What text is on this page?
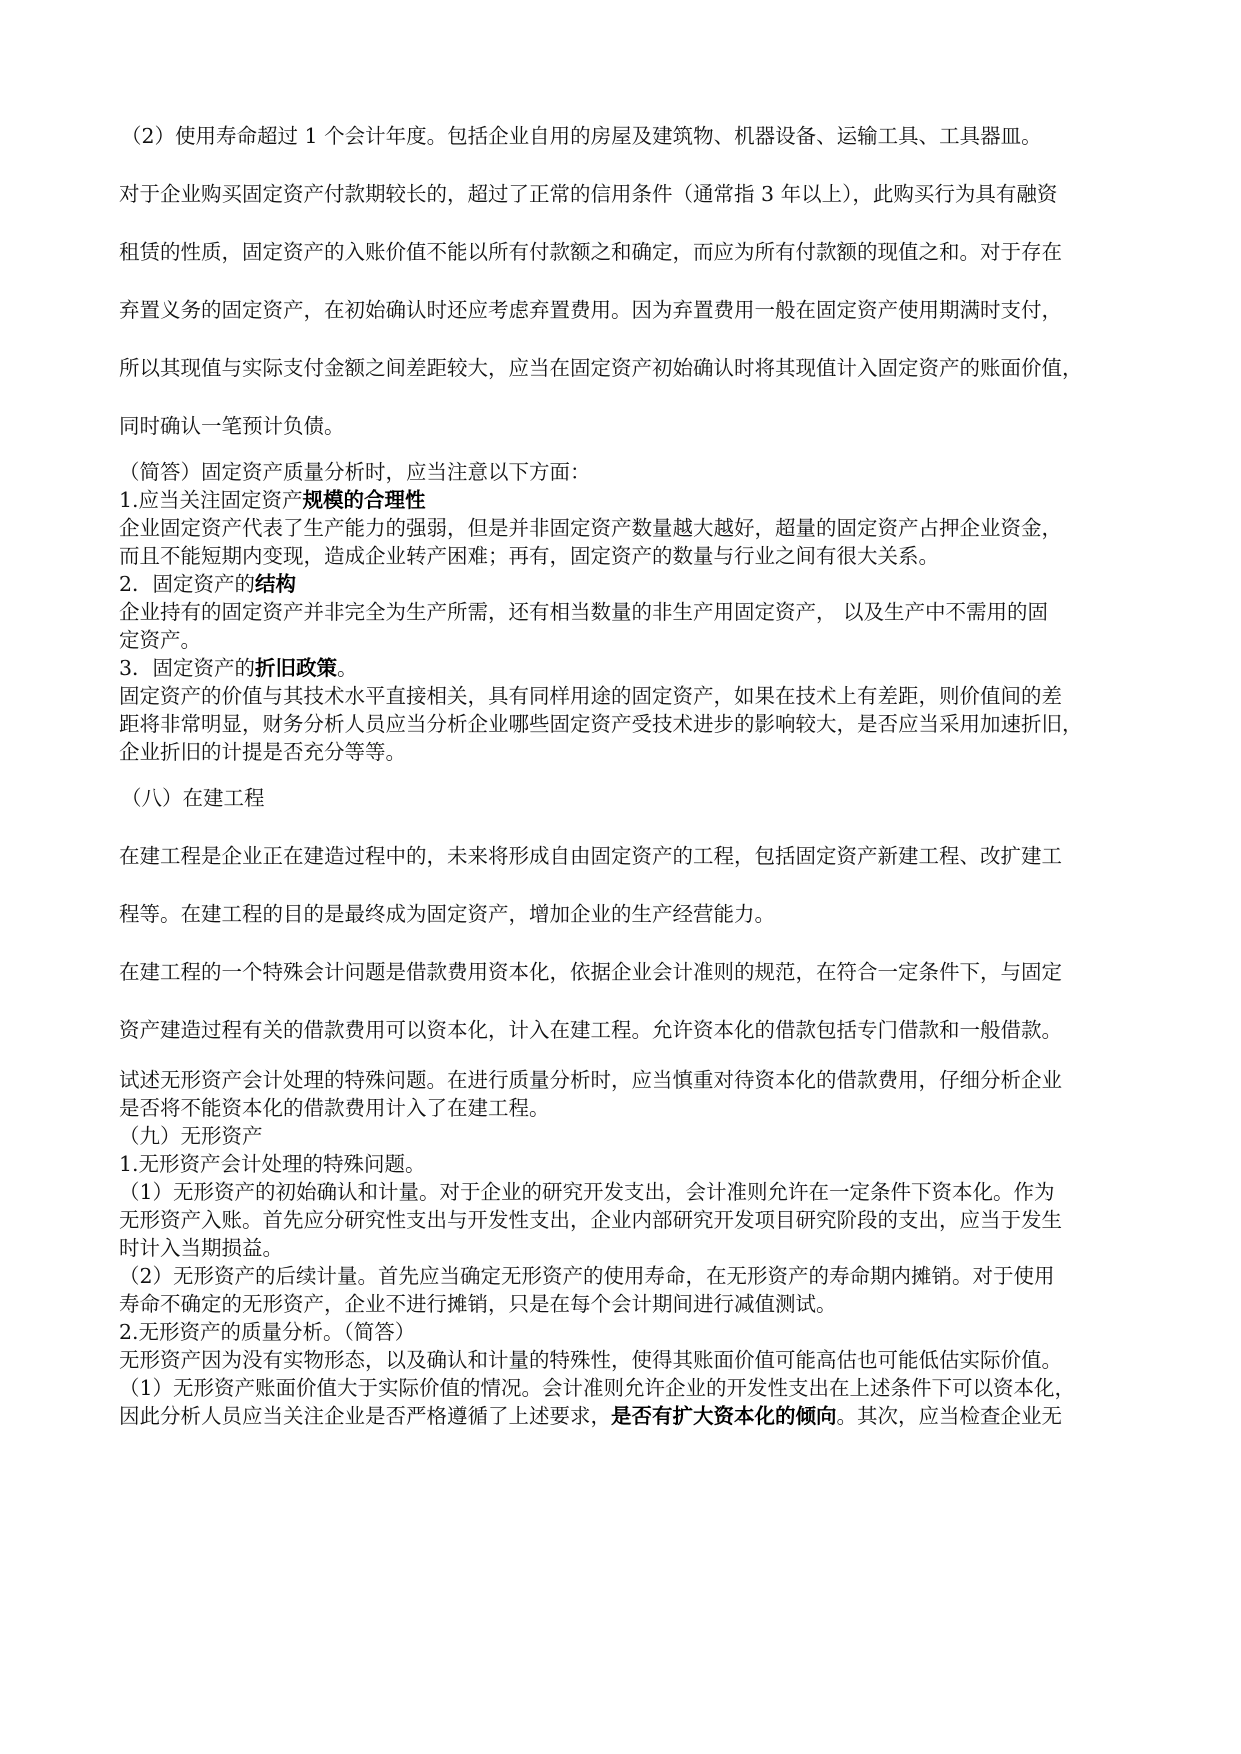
（2）使用寿命超过 1 个会计年度。包括企业自用的房屋及建筑物、机器设备、运输工具、工具器皿。
对于企业购买固定资产付款期较长的，超过了正常的信用条件（通常指 3 年以上），此购买行为具有融资
租赁的性质，固定资产的入账价值不能以所有付款额之和确定，而应为所有付款额的现值之和。对于存在
弃置义务的固定资产，在初始确认时还应考虑弃置费用。因为弃置费用一般在固定资产使用期满时支付，
所以其现值与实际支付金额之间差距较大，应当在固定资产初始确认时将其现值计入固定资产的账面价值，
同时确认一笔预计负债。
（简答）固定资产质量分析时，应当注意以下方面：
1.应当关注固定资产规模的合理性
企业固定资产代表了生产能力的强弱，但是并非固定资产数量越大越好，超量的固定资产占押企业资金，
而且不能短期内变现，造成企业转产困难；再有，固定资产的数量与行业之间有很大关系。
2．固定资产的结构
企业持有的固定资产并非完全为生产所需，还有相当数量的非生产用固定资产， 以及生产中不需用的固
定资产。
3．固定资产的折旧政策。
固定资产的价值与其技术水平直接相关，具有同样用途的固定资产，如果在技术上有差距，则价值间的差
距将非常明显，财务分析人员应当分析企业哪些固定资产受技术进步的影响较大，是否应当采用加速折旧，
企业折旧的计提是否充分等等。
（八）在建工程
在建工程是企业正在建造过程中的，未来将形成自由固定资产的工程，包括固定资产新建工程、改扩建工
程等。在建工程的目的是最终成为固定资产，增加企业的生产经营能力。
在建工程的一个特殊会计问题是借款费用资本化，依据企业会计准则的规范，在符合一定条件下，与固定
资产建造过程有关的借款费用可以资本化，计入在建工程。允许资本化的借款包括专门借款和一般借款。
试述无形资产会计处理的特殊问题。在进行质量分析时，应当慎重对待资本化的借款费用，仔细分析企业
是否将不能资本化的借款费用计入了在建工程。
（九）无形资产
1.无形资产会计处理的特殊问题。
（1）无形资产的初始确认和计量。对于企业的研究开发支出，会计准则允许在一定条件下资本化。作为
无形资产入账。首先应分研究性支出与开发性支出，企业内部研究开发项目研究阶段的支出，应当于发生
时计入当期损益。
（2）无形资产的后续计量。首先应当确定无形资产的使用寿命，在无形资产的寿命期内摊销。对于使用
寿命不确定的无形资产，企业不进行摊销，只是在每个会计期间进行减值测试。
2.无形资产的质量分析。（简答）
无形资产因为没有实物形态，以及确认和计量的特殊性，使得其账面价值可能高估也可能低估实际价值。
（1）无形资产账面价值大于实际价值的情况。会计准则允许企业的开发性支出在上述条件下可以资本化，
因此分析人员应当关注企业是否严格遵循了上述要求，是否有扩大资本化的倾向。其次，应当检查企业无
